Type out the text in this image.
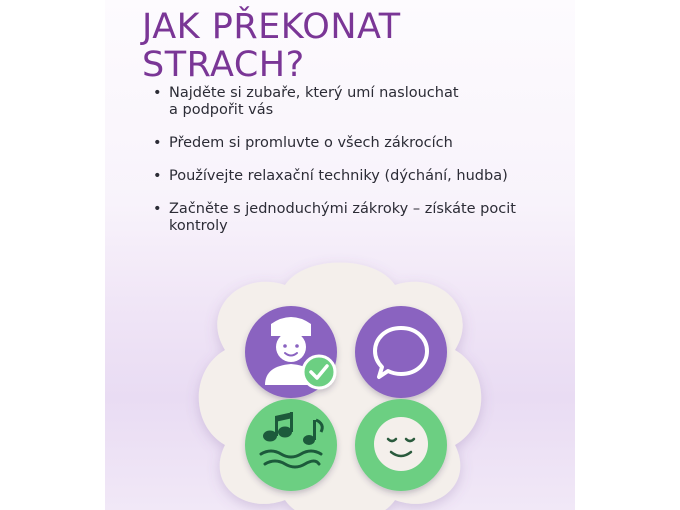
JAK PŘEKONAT
STRACH?
• Najděte si zubaře, který umí naslouchat
a podpořit vás
• Předem si promluvte o všech zákrocích
• Používejte relaxační techniky (dýchání, hudba)
• Začněte s jednoduchými zákroky – získáte pocit
kontroly
